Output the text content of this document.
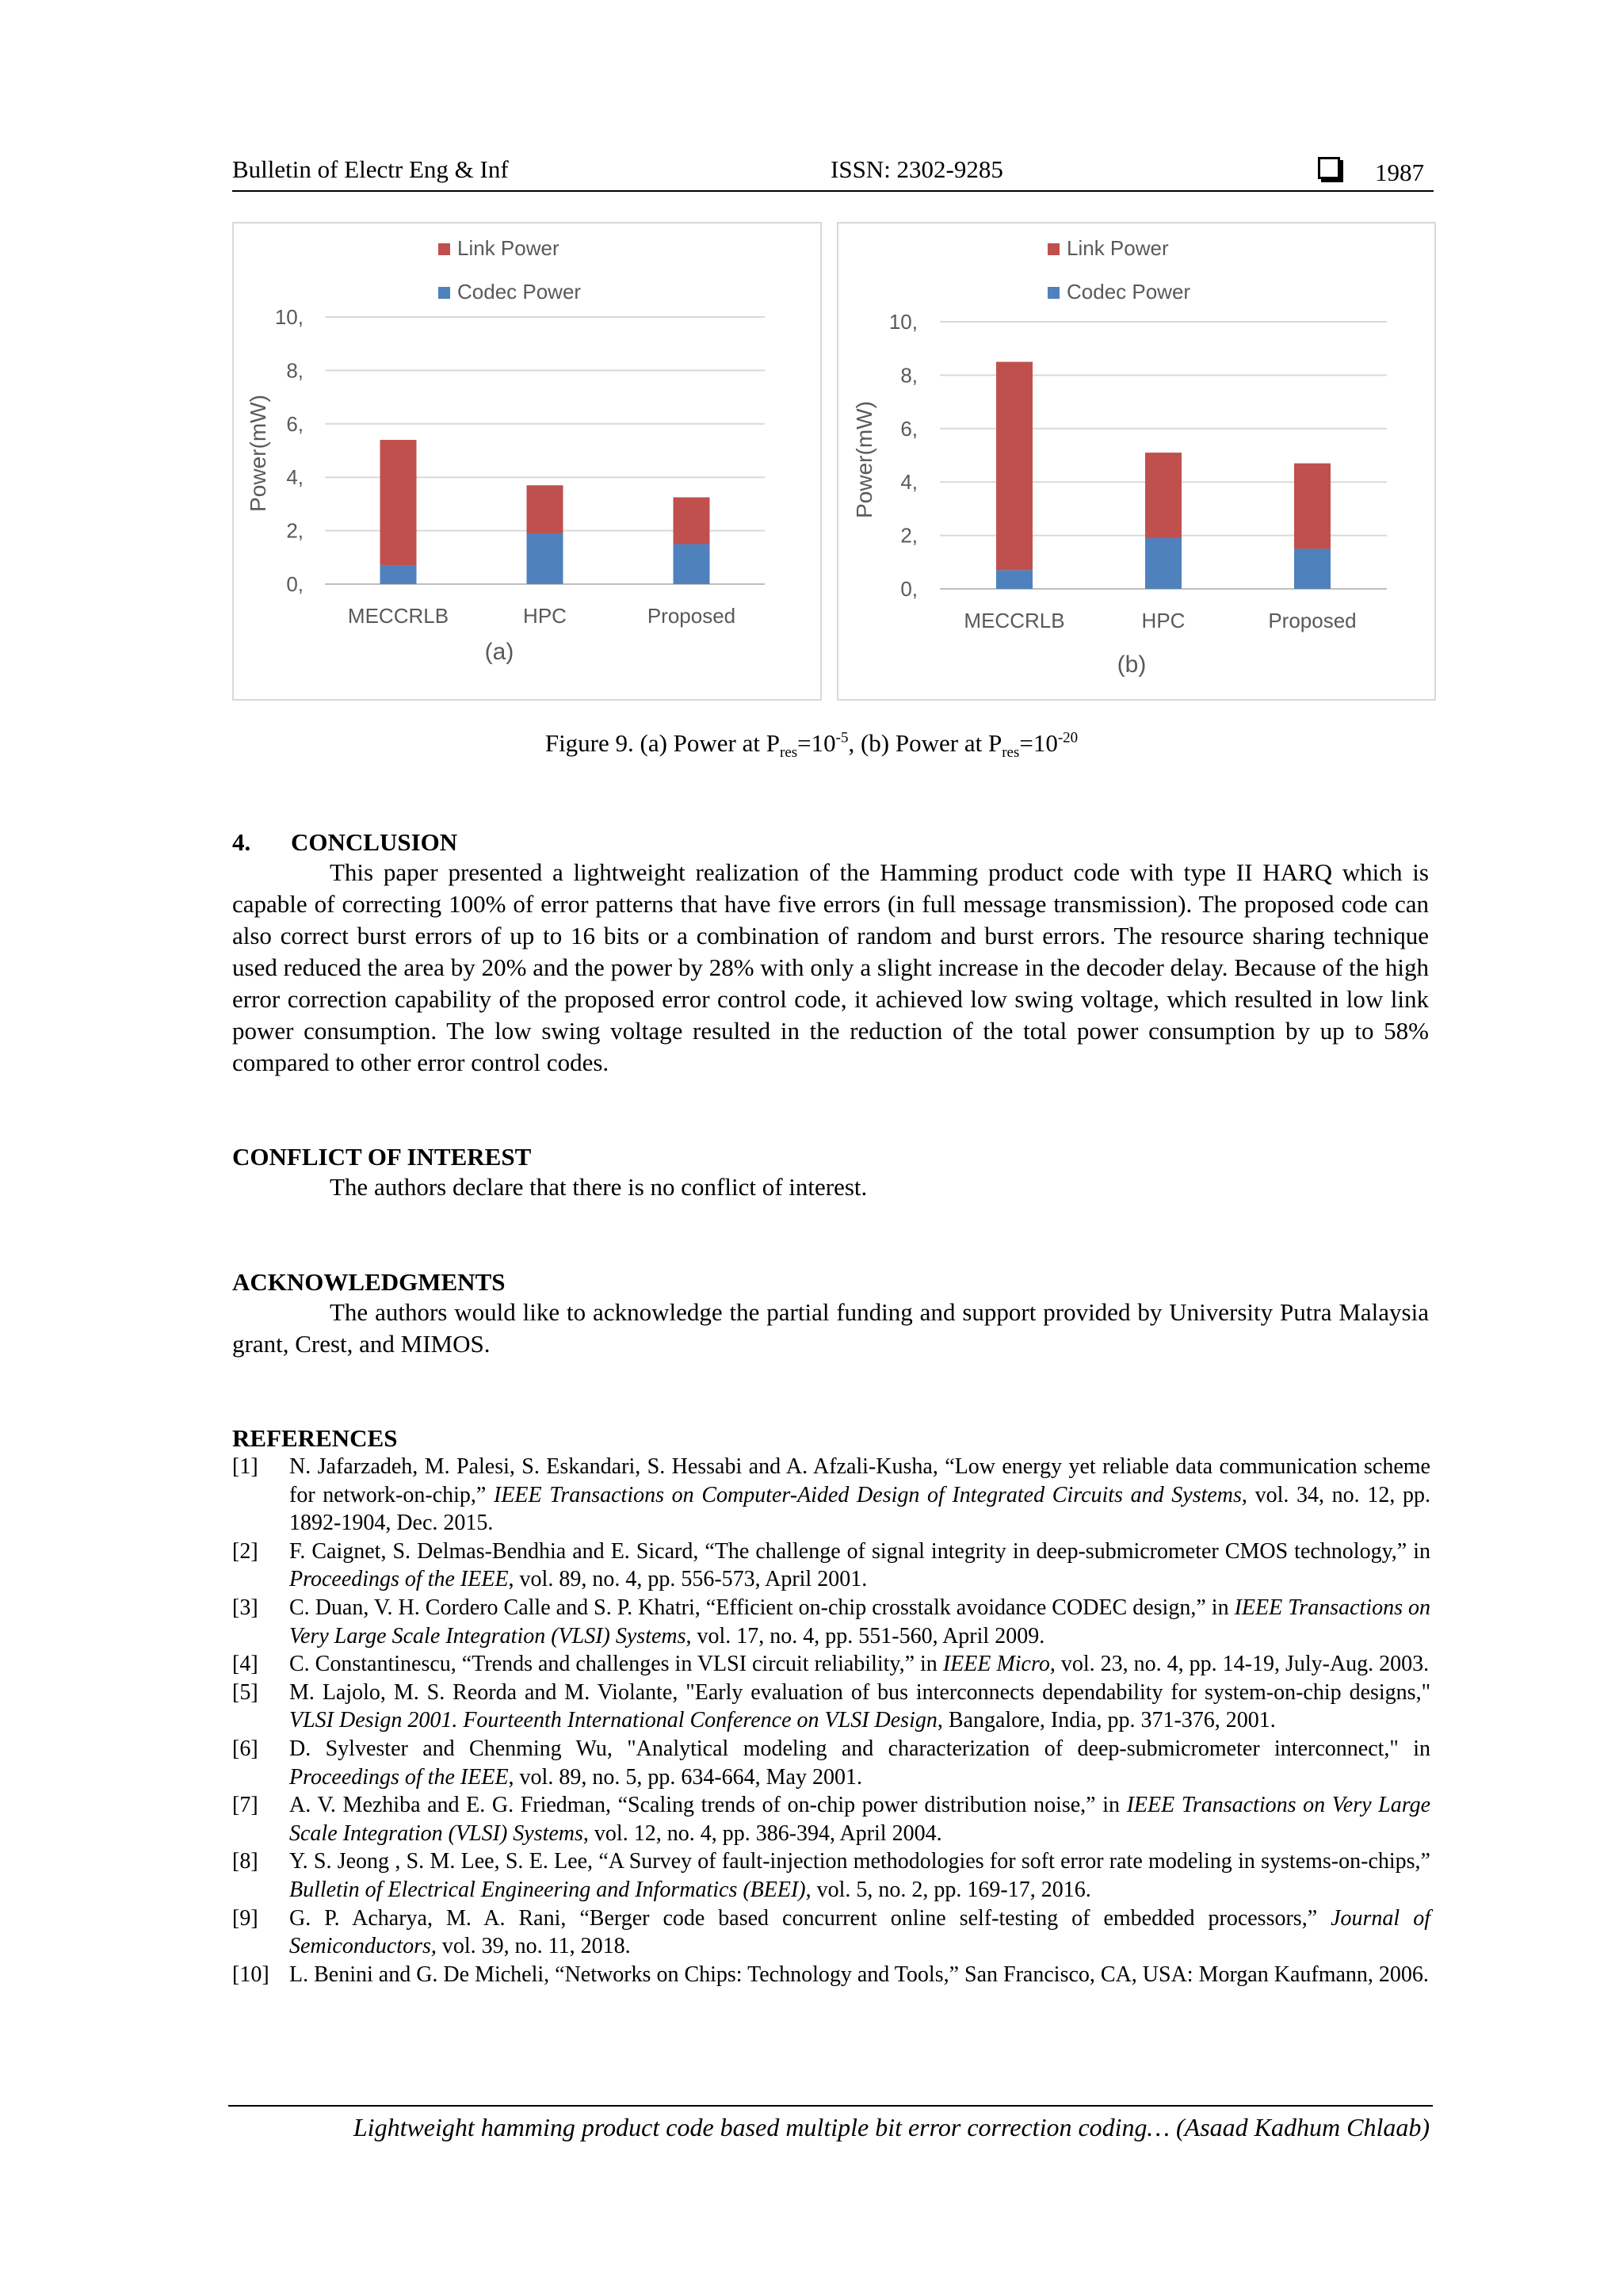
Bulletin of Electr Eng & Inf	ISSN: 2302-9285	1987
0,
2,
4,
6,
8,
10,
MECCRLB	HPC	Proposed
Power(mW)
Link Power
Codec Power
(a)
0,
2,
4,
6,
8,
10,
MECCRLB	HPC	Proposed
Power(mW)
Link Power
Codec Power
(b)
Figure 9. (a) Power at $P_{res}=10^{-5}$, (b) Power at $P_{res}=10^{-20}$
4. CONCLUSION
This paper presented a lightweight realization of the Hamming product code with type II HARQ which is capable of correcting 100% of error patterns that have five errors (in full message transmission). The proposed code can also correct burst errors of up to 16 bits or a combination of random and burst errors. The resource sharing technique used reduced the area by 20% and the power by 28% with only a slight increase in the decoder delay. Because of the high error correction capability of the proposed error control code, it achieved low swing voltage, which resulted in low link power consumption. The low swing voltage resulted in the reduction of the total power consumption by up to 58% compared to other error control codes.
CONFLICT OF INTEREST
The authors declare that there is no conflict of interest.
ACKNOWLEDGMENTS
The authors would like to acknowledge the partial funding and support provided by University Putra Malaysia grant, Crest, and MIMOS.
REFERENCES
[1]	N. Jafarzadeh, M. Palesi, S. Eskandari, S. Hessabi and A. Afzali-Kusha, “Low energy yet reliable data communication scheme for network-on-chip,” IEEE Transactions on Computer-Aided Design of Integrated Circuits and Systems, vol. 34, no. 12, pp. 1892-1904, Dec. 2015.
[2]	F. Caignet, S. Delmas-Bendhia and E. Sicard, “The challenge of signal integrity in deep-submicrometer CMOS technology,” in Proceedings of the IEEE, vol. 89, no. 4, pp. 556-573, April 2001.
[3]	C. Duan, V. H. Cordero Calle and S. P. Khatri, “Efficient on-chip crosstalk avoidance CODEC design,” in IEEE Transactions on Very Large Scale Integration (VLSI) Systems, vol. 17, no. 4, pp. 551-560, April 2009.
[4]	C. Constantinescu, “Trends and challenges in VLSI circuit reliability,” in IEEE Micro, vol. 23, no. 4, pp. 14-19, July-Aug. 2003.
[5]	M. Lajolo, M. S. Reorda and M. Violante, "Early evaluation of bus interconnects dependability for system-on-chip designs," VLSI Design 2001. Fourteenth International Conference on VLSI Design, Bangalore, India, pp. 371-376, 2001.
[6]	D. Sylvester and Chenming Wu, "Analytical modeling and characterization of deep-submicrometer interconnect," in Proceedings of the IEEE, vol. 89, no. 5, pp. 634-664, May 2001.
[7]	A. V. Mezhiba and E. G. Friedman, “Scaling trends of on-chip power distribution noise,” in IEEE Transactions on Very Large Scale Integration (VLSI) Systems, vol. 12, no. 4, pp. 386-394, April 2004.
[8]	Y. S. Jeong , S. M. Lee, S. E. Lee, “A Survey of fault-injection methodologies for soft error rate modeling in systems-on-chips,” Bulletin of Electrical Engineering and Informatics (BEEI), vol. 5, no. 2, pp. 169-17, 2016.
[9]	G. P. Acharya, M. A. Rani, “Berger code based concurrent online self-testing of embedded processors,” Journal of Semiconductors, vol. 39, no. 11, 2018.
[10] L. Benini and G. De Micheli, “Networks on Chips: Technology and Tools,” San Francisco, CA, USA: Morgan Kaufmann, 2006.
Lightweight hamming product code based multiple bit error correction coding… (Asaad Kadhum Chlaab)
